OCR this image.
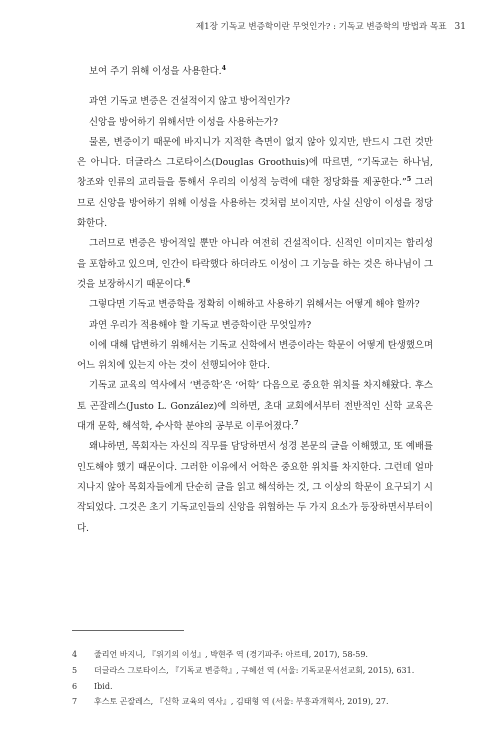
제1장 기독교 변증학이란 무엇인가? : 기독교 변증학의 방법과 목표 31

보여 주기 위해 이성을 사용한다.$^4$

과연 기독교 변증은 건설적이지 않고 방어적인가?

신앙을 방어하기 위해서만 이성을 사용하는가?

물론, 변증이기 때문에 바지니가 지적한 측면이 없지 않아 있지만, 반드시 그런 것만은 아니다. 더글라스 그로타이스(Douglas Groothuis)에 따르면, “기독교는 하나님, 창조와 인류의 교리들을 통해서 우리의 이성적 능력에 대한 정당화를 제공한다.”$^5$ 그러므로 신앙을 방어하기 위해 이성을 사용하는 것처럼 보이지만, 사실 신앙이 이성을 정당화한다.

그러므로 변증은 방어적일 뿐만 아니라 여전히 건설적이다. 신적인 이미지는 합리성을 포함하고 있으며, 인간이 타락했다 하더라도 이성이 그 기능을 하는 것은 하나님이 그것을 보장하시기 때문이다.$^6$

그렇다면 기독교 변증학을 정확히 이해하고 사용하기 위해서는 어떻게 해야 할까?

과연 우리가 적용해야 할 기독교 변증학이란 무엇일까?

이에 대해 답변하기 위해서는 기독교 신학에서 변증이라는 학문이 어떻게 탄생했으며 어느 위치에 있는지 아는 것이 선행되어야 한다.

기독교 교육의 역사에서 ‘변증학’은 ‘어학’ 다음으로 중요한 위치를 차지해왔다. 후스토 곤잘레스(Justo L. González)에 의하면, 초대 교회에서부터 전반적인 신학 교육은 대개 문학, 해석학, 수사학 분야의 공부로 이루어졌다.$^7$

왜냐하면, 목회자는 자신의 직무를 담당하면서 성경 본문의 글을 이해했고, 또 예배를 인도해야 했기 때문이다. 그러한 이유에서 어학은 중요한 위치를 차지한다. 그런데 얼마 지나지 않아 목회자들에게 단순히 글을 읽고 해석하는 것, 그 이상의 학문이 요구되기 시작되었다. 그것은 초기 기독교인들의 신앙을 위협하는 두 가지 요소가 등장하면서부터이다.

4	줄리언 바지니, 『위기의 이성』, 박현주 역 (경기파주: 아르테, 2017), 58-59.
5	더글라스 그로타이스, 『기독교 변증학』, 구혜선 역 (서울: 기독교문서선교회, 2015), 631.
6	Ibid.
7	후스토 곤잘레스, 『신학 교육의 역사』, 김태형 역 (서울: 부흥과개혁사, 2019), 27.
